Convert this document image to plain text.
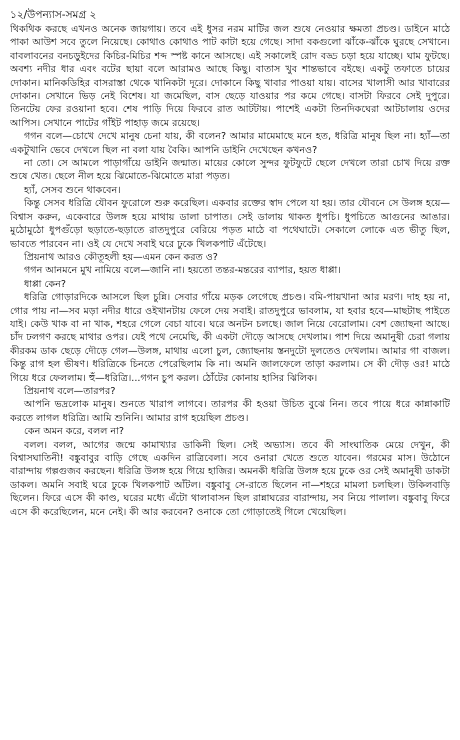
১২/উপন্যাস-সমগ্র ২

থিকথিক করছে এখনও অনেক জায়গায়। তবে এই ধুসর নরম মাটির জল শুষে নেওয়ার ক্ষমতা প্রচণ্ড। ডাইনে মাঠে পাকা আউশ সবে তুলে নিয়েছে। কোথাও কোথাও পাট কাটা হয়ে গেছে। সাদা বকগুলো ঝাঁকে-ঝাঁকে ঘুরছে সেখানে। বাবলাবনের বনচড়ুইদের কিচির-মিচির শব্দ স্পষ্ট কানে আসছে। এই সকালেই রোদ বড্ড চড়া হয়ে যাচ্ছে। ঘাম ফুটছে। অবশ্য নদীর ধার এবং বটের ছায়া বলে আরামও আছে কিছু। বাতাস খুব শান্তভাবে বইছে। একটু তফাতে চায়ের দোকান। মানিকডিহির বাসরাস্তা থেকে খানিকটা দূরে। দোকানে কিছু খাবার পাওয়া যায়। বাসের খালাসী আর খাবারের দোকান। সেখানে ভিড় নেই বিশেষ। যা জমেছিল, বাস ছেড়ে যাওয়ার পর কমে গেছে। বাসটা ফিরবে সেই দুপুরে। তিনটেয় ফের রওয়ানা হবে। শেষ পাড়ি দিয়ে ফিরবে রাত আটটায়। পাশেই একটা তিনদিকঘেরা আটচালায় ওদের আপিস। সেখানে পাটের গাঁইট পাহাড় জমে রয়েছে।

গগন বলে—চোখে দেখে মানুষ চেনা যায়, কী বলেন? আমার মামেমাছে মনে হত, ধরিত্রি মানুষ ছিল না। হ্যাঁ—তা একটুখানি ভেবে দেখলে ছিল না বলা যায় বৈকি। আপনি ডাইনি দেখেছেন কখনও?

না তো। সে আমলে পাড়াগাঁয়ে ডাইনি জন্মাত। মায়ের কোলে সুন্দর ফুটফুটে ছেলে দেখলে তারা চোখ দিয়ে রক্ত শুষে খেত। ছেলে নীল হয়ে ঝিমোতে-ঝিমোতে মারা পড়ত।

হ্যাঁ, সেসব শুনে থাকবেন।

কিন্তু সেসব ধরিত্রি যৌবন ফুরোলে শুরু করেছিল। একবার রক্তের স্বাদ পেলে যা হয়। তার যৌবনে সে উলঙ্গ হয়ে—বিশ্বাস করুন, একেবারে উলঙ্গ হয়ে মাথায় ডালা চাপাত। সেই ডালায় থাকত ধুপচি। ধুপচিতে আগুনের আঙার। মুঠোমুঠো ধুপগুঁড়ো ছড়াতে-ছড়াতে রাতদুপুরে বেরিয়ে পড়ত মাঠে বা পথেঘাটে। সেকালে লোকে এত ভীতু ছিল, ভাবতে পারবেন না। ওই যে দেখে সবাই ঘরে ঢুকে খিলকপাট এঁটেছে।

প্রিয়নাথ আরও কৌতূহলী হয়—এমন কেন করত ও?

গগন আনমনে মুখ নামিয়ে বলে—জানি না। হয়তো তন্তর-মন্তরের ব্যাপার, হয়ত ধাপ্পা।

ধাপ্পা কেন?

ধরিত্রি গোড়ারদিকে আসলে ছিল চুন্নি। সেবার গাঁয়ে মড়ক লেগেছে প্রচণ্ড। বমি-পায়খানা আর মরণ। দাহ হয় না, গোর পায় না—সব মড়া নদীর ধারে ওইখানটায় ফেলে দেয় সবাই। রাতদুপুরে ভাবলাম, যা হবার হবে—মাছটাছ পাইতে যাই। কেউ খাক বা না খাক, শহরে গেলে বেচা যাবে। ঘরে অনটন চলছে। জাল নিয়ে বেরোলাম। বেশ জ্যোছনা আছে। চাঁদ ঢলগণ করছে মাথার ওপর। যেই পথে নেমেছি, কী একটা দৌড়ে আসছে দেখলাম। পাশ দিয়ে অমানুষী চেরা গলায় কীরকম ডাক ছেড়ে দৌড়ে গেল—উলঙ্গ, মাথায় এলো চুল, জ্যোছনায় স্তনদুটো দুলতেও দেখলাম। আমার গা বাজল। কিন্তু রাগ হল ভীষণ। ধরিত্রিকে চিনতে পেরেছিলাম কি না। অমনি জালফেলে তাড়া করলাম। সে কী দৌড় ওর! মাঠে গিয়ে ধরে ফেললাম। হুঁ—ধরিত্রি।...গগন চুপ করল। ঠোঁটের কোনায় হাসির ঝিলিক।

প্রিয়নাথ বলে—তারপর?

আপনি ভদ্রলোক মানুষ। শুনতে খারাপ লাগবে। তারপর কী হওয়া উচিত বুঝে নিন। তবে পায়ে ধরে কান্নাকাটি করতে লাগল ধরিত্রি। আমি শুনিনি। আমার রাগ হয়েছিল প্রচণ্ড।

কেন অমন করে, বলল না?

বলল। বলল, আগের জন্মে কামাখ্যার ডাকিনী ছিল। সেই অভ্যাস। তবে কী সাংঘাতিক মেয়ে দেখুন, কী বিশ্বাসঘাতিনী! বঙ্কুবাবুর বাড়ি গেছে একদিন রাত্রিবেলা। সবে ওনারা খেতে শুতে যাবেন। গরমের মাস। উঠোনে বারান্দায় গল্পগুজব করছেন। ধরিত্রি উলঙ্গ হয়ে গিয়ে হাজির। অমনকী ধরিত্রি উলঙ্গ হয়ে ঢুকে ওর সেই অমানুষী ডাকটা ডাকল। অমনি সবাই ঘরে ঢুকে খিলকপাট আঁটল। বঙ্কুবাবু সে-রাতে ছিলেন না—শহরে মামলা চলছিল। উকিলবাড়ি ছিলেন। ফিরে এসে কী কাণ্ড, ঘরের মধ্যে এঁটো থালাবাসন ছিল রান্নাঘরের বারান্দায়, সব নিয়ে পালাল। বঙ্কুবাবু ফিরে এসে কী করেছিলেন, মনে নেই। কী আর করবেন? ওনাকে তো গোড়াতেই গিলে খেয়েছিল।
